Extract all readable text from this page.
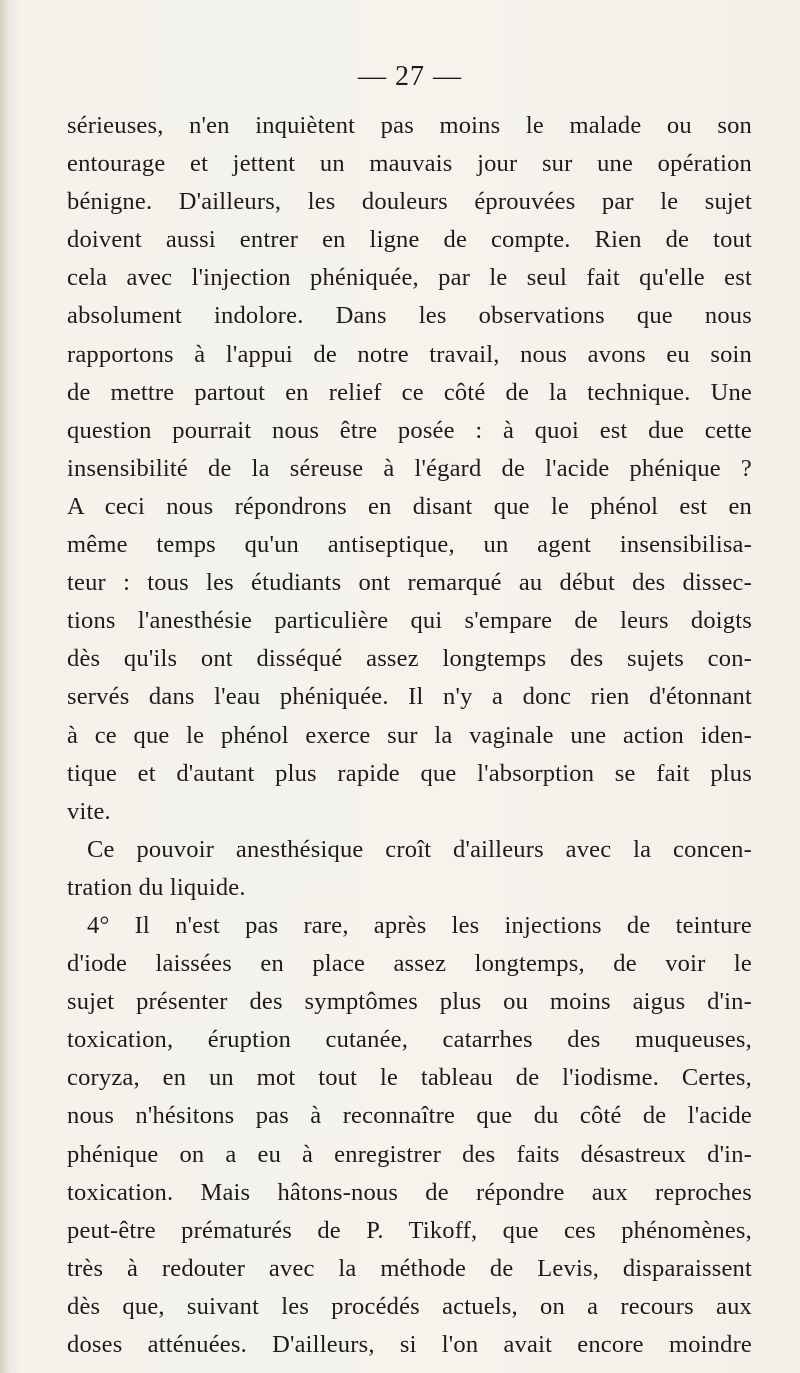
— 27 —
sérieuses, n'en inquiètent pas moins le malade ou son
entourage et jettent un mauvais jour sur une opération
bénigne. D'ailleurs, les douleurs éprouvées par le sujet
doivent aussi entrer en ligne de compte. Rien de tout
cela avec l'injection phéniquée, par le seul fait qu'elle est
absolument indolore. Dans les observations que nous
rapportons à l'appui de notre travail, nous avons eu soin
de mettre partout en relief ce côté de la technique. Une
question pourrait nous être posée : à quoi est due cette
insensibilité de la séreuse à l'égard de l'acide phénique ?
A ceci nous répondrons en disant que le phénol est en
même temps qu'un antiseptique, un agent insensibilisa-
teur : tous les étudiants ont remarqué au début des dissec-
tions l'anesthésie particulière qui s'empare de leurs doigts
dès qu'ils ont disséqué assez longtemps des sujets con-
servés dans l'eau phéniquée. Il n'y a donc rien d'étonnant
à ce que le phénol exerce sur la vaginale une action iden-
tique et d'autant plus rapide que l'absorption se fait plus
vite.
Ce pouvoir anesthésique croît d'ailleurs avec la concen-
tration du liquide.
4° Il n'est pas rare, après les injections de teinture
d'iode laissées en place assez longtemps, de voir le
sujet présenter des symptômes plus ou moins aigus d'in-
toxication, éruption cutanée, catarrhes des muqueuses,
coryza, en un mot tout le tableau de l'iodisme. Certes,
nous n'hésitons pas à reconnaître que du côté de l'acide
phénique on a eu à enregistrer des faits désastreux d'in-
toxication. Mais hâtons-nous de répondre aux reproches
peut-être prématurés de P. Tikoff, que ces phénomènes,
très à redouter avec la méthode de Levis, disparaissent
dès que, suivant les procédés actuels, on a recours aux
doses atténuées. D'ailleurs, si l'on avait encore moindre
